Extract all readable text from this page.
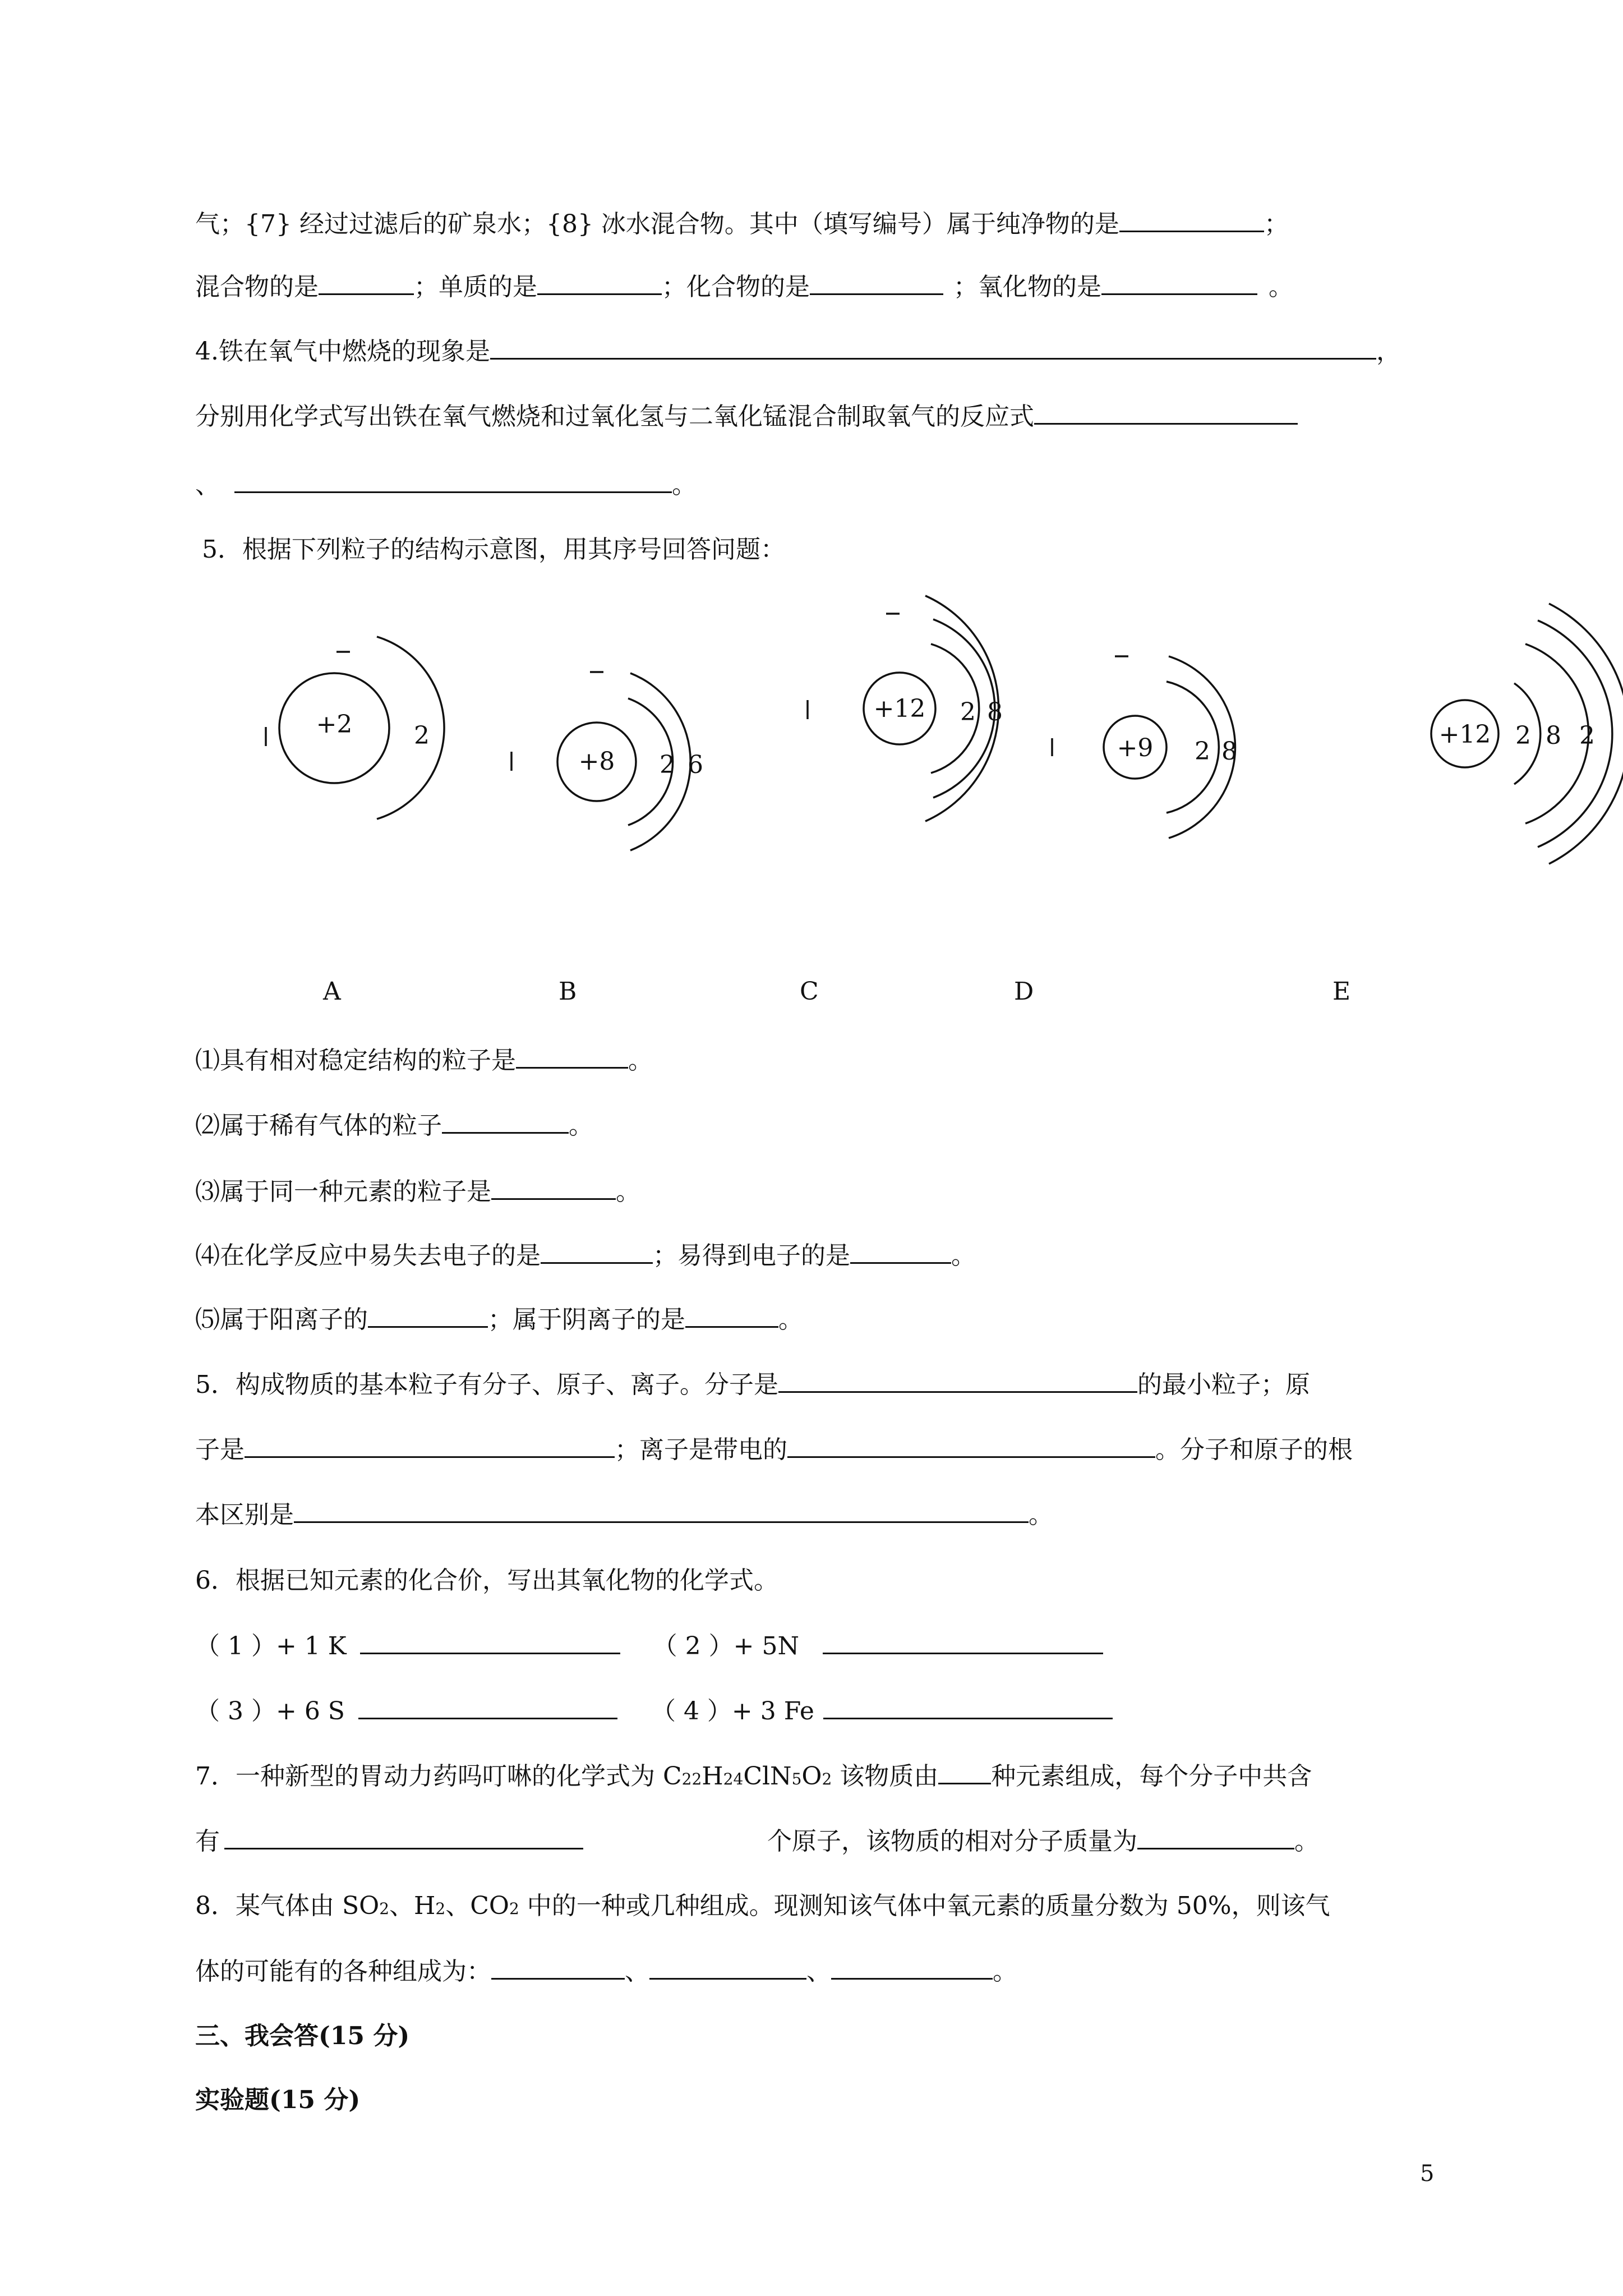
气；{7} 经过过滤后的矿泉水；{8} 冰水混合物。其中（填写编号）属于纯净物的是	；
混合物的是	；单质的是	；化合物的是	；氧化物的是	。
4.铁在氧气中燃烧的现象是	，
分别用化学式写出铁在氧气燃烧和过氧化氢与二氧化锰混合制取氧气的反应式
、	。
5．根据下列粒子的结构示意图，用其序号回答问题：
+2 2
+8 2 6
+12 2 8
+9 2 8
+12 2 8 2
A	B	C	D	E
⑴具有相对稳定结构的粒子是	。
⑵属于稀有气体的粒子	。
⑶属于同一种元素的粒子是	。
⑷在化学反应中易失去电子的是	；易得到电子的是	。
⑸属于阳离子的	；属于阴离子的是	。
5．构成物质的基本粒子有分子、原子、离子。分子是	的最小粒子；原
子是	；离子是带电的	。分子和原子的根
本区别是	。
6．根据已知元素的化合价，写出其氧化物的化学式。
（ 1 ）+ 1 K	（ 2 ）+ 5N
（ 3 ）+ 6 S	（ 4 ）+ 3 Fe
7．一种新型的胃动力药吗叮啉的化学式为 C22H24ClN5O2 该物质由 种元素组成，每个分子中共含
有	个原子，该物质的相对分子质量为	。
8．某气体由 SO2、H2、CO2 中的一种或几种组成。现测知该气体中氧元素的质量分数为 50%，则该气
体的可能有的各种组成为：	、	、	。
三、我会答(15 分)
实验题(15 分)
5
